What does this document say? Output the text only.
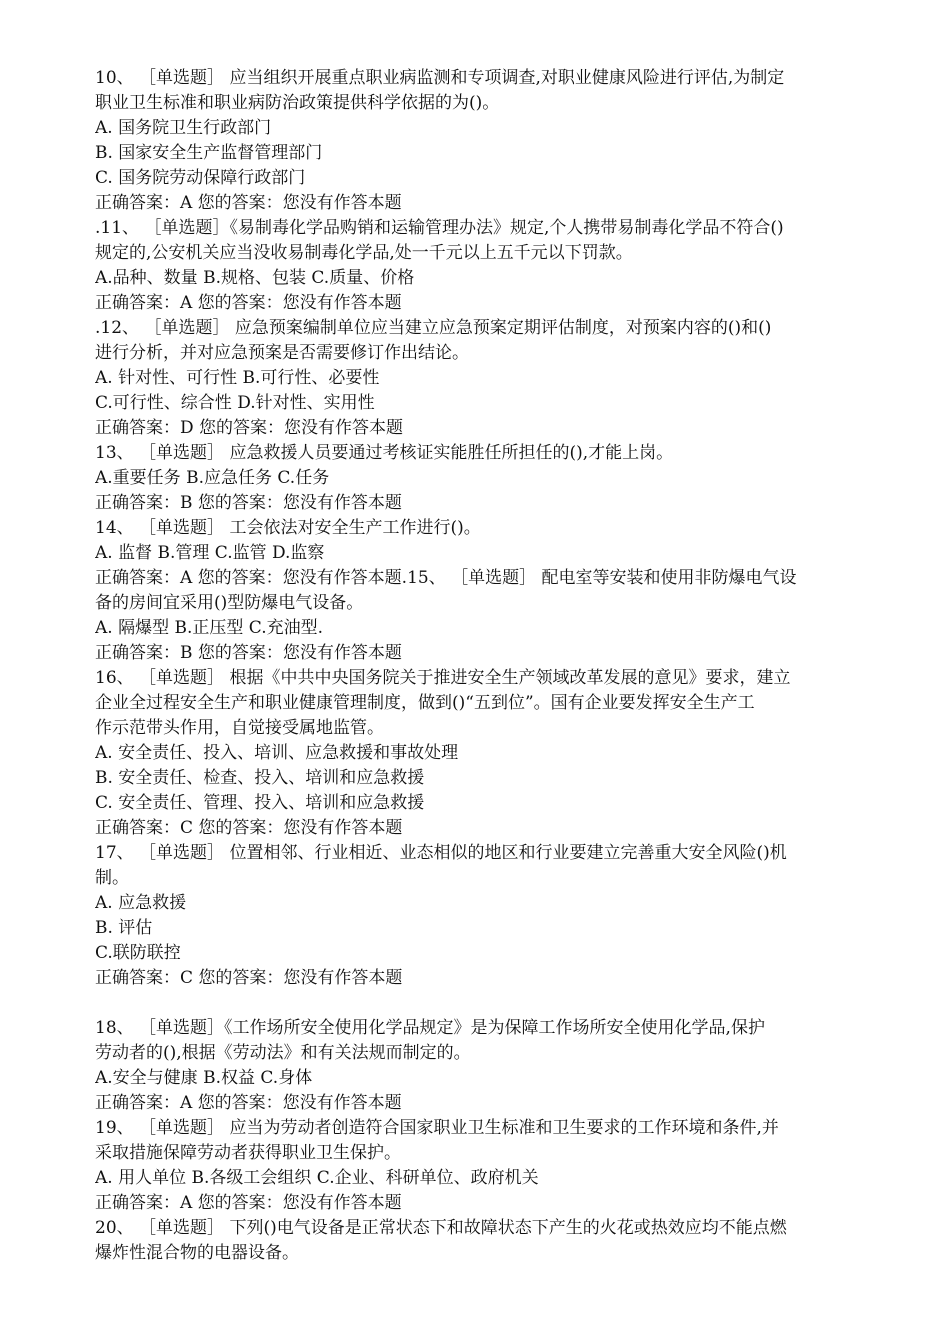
10、 ［单选题］ 应当组织开展重点职业病监测和专项调查,对职业健康风险进行评估,为制定
职业卫生标准和职业病防治政策提供科学依据的为()。
A. 国务院卫生行政部门
B. 国家安全生产监督管理部门
C. 国务院劳动保障行政部门
正确答案：A 您的答案：您没有作答本题
.11、 ［单选题］《易制毒化学品购销和运输管理办法》规定,个人携带易制毒化学品不符合()
规定的,公安机关应当没收易制毒化学品,处一千元以上五千元以下罚款。
A.品种、数量 B.规格、包装 C.质量、价格
正确答案：A 您的答案：您没有作答本题
.12、 ［单选题］ 应急预案编制单位应当建立应急预案定期评估制度，对预案内容的()和()
进行分析，并对应急预案是否需要修订作出结论。
A. 针对性、可行性 B.可行性、必要性
C.可行性、综合性 D.针对性、实用性
正确答案：D 您的答案：您没有作答本题
13、 ［单选题］ 应急救援人员要通过考核证实能胜任所担任的(),才能上岗。
A.重要任务 B.应急任务 C.任务
正确答案：B 您的答案：您没有作答本题
14、 ［单选题］ 工会依法对安全生产工作进行()。
A. 监督 B.管理 C.监管 D.监察
正确答案：A 您的答案：您没有作答本题.15、 ［单选题］ 配电室等安装和使用非防爆电气设
备的房间宜采用()型防爆电气设备。
A. 隔爆型 B.正压型 C.充油型.
正确答案：B 您的答案：您没有作答本题
16、 ［单选题］ 根据《中共中央国务院关于推进安全生产领域改革发展的意见》要求，建立
企业全过程安全生产和职业健康管理制度，做到()“五到位”。国有企业要发挥安全生产工
作示范带头作用，自觉接受属地监管。
A. 安全责任、投入、培训、应急救援和事故处理
B. 安全责任、检查、投入、培训和应急救援
C. 安全责任、管理、投入、培训和应急救援
正确答案：C 您的答案：您没有作答本题
17、 ［单选题］ 位置相邻、行业相近、业态相似的地区和行业要建立完善重大安全风险()机
制。
A. 应急救援
B. 评估
C.联防联控
正确答案：C 您的答案：您没有作答本题
18、 ［单选题］《工作场所安全使用化学品规定》是为保障工作场所安全使用化学品,保护
劳动者的(),根据《劳动法》和有关法规而制定的。
A.安全与健康 B.权益 C.身体
正确答案：A 您的答案：您没有作答本题
19、 ［单选题］ 应当为劳动者创造符合国家职业卫生标准和卫生要求的工作环境和条件,并
采取措施保障劳动者获得职业卫生保护。
A. 用人单位 B.各级工会组织 C.企业、科研单位、政府机关
正确答案：A 您的答案：您没有作答本题
20、 ［单选题］ 下列()电气设备是正常状态下和故障状态下产生的火花或热效应均不能点燃
爆炸性混合物的电器设备。
